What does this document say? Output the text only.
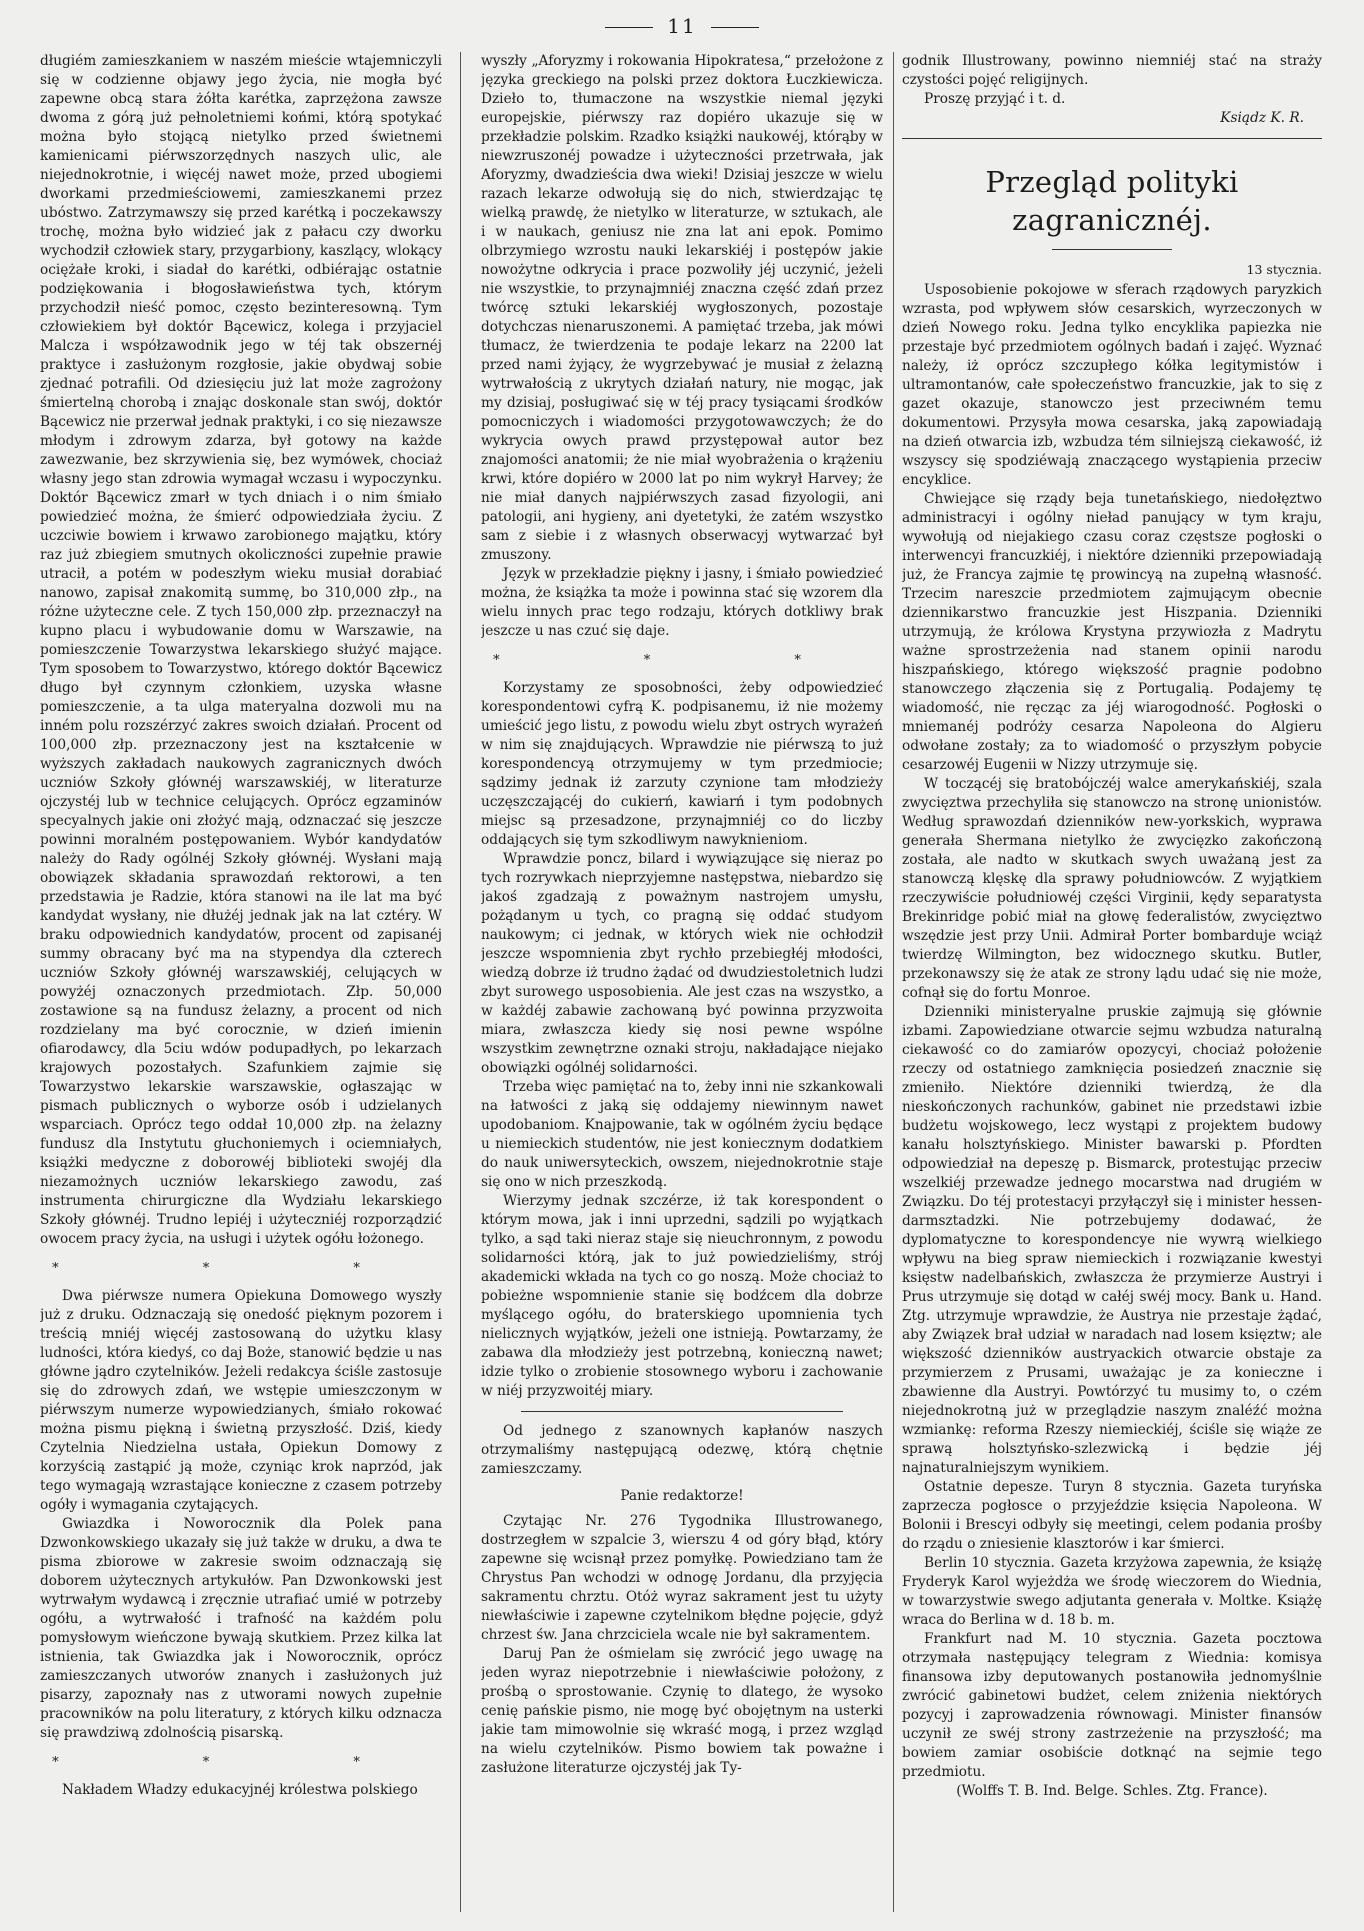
11

długiém zamieszkaniem w naszém mieście wtajemniczyli się w codzienne objawy jego życia, nie mogła być zapewne obcą stara żółta karétka, zaprzężona zawsze dwoma z górą już pełnoletniemi końmi, którą spotykać można było stojącą nietylko przed świetnemi kamienicami piérwszorzędnych naszych ulic, ale niejednokrotnie, i więcéj nawet może, przed ubogiemi dworkami przedmieściowemi, zamieszkanemi przez ubóstwo. Zatrzymawszy się przed karétką i poczekawszy trochę, można było widzieć jak z pałacu czy dworku wychodził człowiek stary, przygarbiony, kaszlący, wlokący ociężałe kroki, i siadał do karétki, odbiérając ostatnie podziękowania i błogosławieństwa tych, którym przychodził nieść pomoc, często bezinteresowną. Tym człowiekiem był doktór Bącewicz, kolega i przyjaciel Malcza i współzawodnik jego w téj tak obszernéj praktyce i zasłużonym rozgłosie, jakie obydwaj sobie zjednać potrafili. Od dziesięciu już lat może zagrożony śmiertelną chorobą i znając doskonale stan swój, doktór Bącewicz nie przerwał jednak praktyki, i co się niezawsze młodym i zdrowym zdarza, był gotowy na każde zawezwanie, bez skrzywienia się, bez wymówek, chociaż własny jego stan zdrowia wymagał wczasu i wypoczynku. Doktór Bącewicz zmarł w tych dniach i o nim śmiało powiedzieć można, że śmierć odpowiedziała życiu. Z uczciwie bowiem i krwawo zarobionego majątku, który raz już zbiegiem smutnych okoliczności zupełnie prawie utracił, a potém w podeszłym wieku musiał dorabiać nanowo, zapisał znakomitą summę, bo 310,000 złp., na różne użyteczne cele. Z tych 150,000 złp. przeznaczył na kupno placu i wybudowanie domu w Warszawie, na pomieszczenie Towarzystwa lekarskiego służyć mające. Tym sposobem to Towarzystwo, którego doktór Bącewicz długo był czynnym członkiem, uzyska własne pomieszczenie, a ta ulga materyalna dozwoli mu na inném polu rozszérzyć zakres swoich działań. Procent od 100,000 złp. przeznaczony jest na kształcenie w wyższych zakładach naukowych zagranicznych dwóch uczniów Szkoły głównéj warszawskiéj, w literaturze ojczystéj lub w technice celujących. Oprócz egzaminów specyalnych jakie oni złożyć mają, odznaczać się jeszcze powinni moralném postępowaniem. Wybór kandydatów należy do Rady ogólnéj Szkoły głównéj. Wysłani mają obowiązek składania sprawozdań rektorowi, a ten przedstawia je Radzie, która stanowi na ile lat ma być kandydat wysłany, nie dłużéj jednak jak na lat cztéry. W braku odpowiednich kandydatów, procent od zapisanéj summy obracany być ma na stypendya dla czterech uczniów Szkoły głównéj warszawskiéj, celujących w powyżéj oznaczonych przedmiotach. Złp. 50,000 zostawione są na fundusz żelazny, a procent od nich rozdzielany ma być corocznie, w dzień imienin ofiarodawcy, dla 5ciu wdów podupadłych, po lekarzach krajowych pozostałych. Szafunkiem zajmie się Towarzystwo lekarskie warszawskie, ogłaszając w pismach publicznych o wyborze osób i udzielanych wsparciach. Oprócz tego oddał 10,000 złp. na żelazny fundusz dla Instytutu głuchoniemych i ociemniałych, książki medyczne z doborowéj biblioteki swojéj dla niezamożnych uczniów lekarskiego zawodu, zaś instrumenta chirurgiczne dla Wydziału lekarskiego Szkoły głównéj. Trudno lepiéj i użyteczniéj rozporządzić owocem pracy życia, na usługi i użytek ogółu łożonego.

* * *

Dwa piérwsze numera Opiekuna Domowego wyszły już z druku. Odznaczają się onedość pięknym pozorem i treścią mniéj więcéj zastosowaną do użytku klasy ludności, która kiedyś, co daj Boże, stanowić będzie u nas główne jądro czytelników. Jeżeli redakcya ściśle zastosuje się do zdrowych zdań, we wstępie umieszczonym w piérwszym numerze wypowiedzianych, śmiało rokować można pismu piękną i świetną przyszłość. Dziś, kiedy Czytelnia Niedzielna ustała, Opiekun Domowy z korzyścią zastąpić ją może, czyniąc krok naprzód, jak tego wymagają wzrastające konieczne z czasem potrzeby ogóły i wymagania czytających.

Gwiazdka i Noworocznik dla Polek pana Dzwonkowskiego ukazały się już także w druku, a dwa te pisma zbiorowe w zakresie swoim odznaczają się doborem użytecznych artykułów. Pan Dzwonkowski jest wytrwałym wydawcą i zręcznie utrafiać umié w potrzeby ogółu, a wytrwałość i trafność na każdém polu pomysłowym wieńczone bywają skutkiem. Przez kilka lat istnienia, tak Gwiazdka jak i Noworocznik, oprócz zamieszczanych utworów znanych i zasłużonych już pisarzy, zapoznały nas z utworami nowych zupełnie pracowników na polu literatury, z których kilku odznacza się prawdziwą zdolnością pisarską.

* * *

Nakładem Władzy edukacyjnéj królestwa polskiego

wyszły „Aforyzmy i rokowania Hipokratesa,“ przełożone z języka greckiego na polski przez doktora Łuczkiewicza. Dzieło to, tłumaczone na wszystkie niemal języki europejskie, piérwszy raz dopiéro ukazuje się w przekładzie polskim. Rzadko książki naukowéj, którąby w niewzruszonéj powadze i użyteczności przetrwała, jak Aforyzmy, dwadzieścia dwa wieki! Dzisiaj jeszcze w wielu razach lekarze odwołują się do nich, stwierdzając tę wielką prawdę, że nietylko w literaturze, w sztukach, ale i w naukach, geniusz nie zna lat ani epok. Pomimo olbrzymiego wzrostu nauki lekarskiéj i postępów jakie nowożytne odkrycia i prace pozwoliły jéj uczynić, jeżeli nie wszystkie, to przynajmniéj znaczna część zdań przez twórcę sztuki lekarskiéj wygłoszonych, pozostaje dotychczas nienaruszonemi. A pamiętać trzeba, jak mówi tłumacz, że twierdzenia te podaje lekarz na 2200 lat przed nami żyjący, że wygrzebywać je musiał z żelazną wytrwałością z ukrytych działań natury, nie mogąc, jak my dzisiaj, posługiwać się w téj pracy tysiącami środków pomocniczych i wiadomości przygotowawczych; że do wykrycia owych prawd przystępował autor bez znajomości anatomii; że nie miał wyobrażenia o krążeniu krwi, które dopiéro w 2000 lat po nim wykrył Harvey; że nie miał danych najpiérwszych zasad fizyologii, ani patologii, ani hygieny, ani dyetetyki, że zatém wszystko sam z siebie i z własnych obserwacyj wytwarzać był zmuszony.

Język w przekładzie piękny i jasny, i śmiało powiedzieć można, że książka ta może i powinna stać się wzorem dla wielu innych prac tego rodzaju, których dotkliwy brak jeszcze u nas czuć się daje.

* * *

Korzystamy ze sposobności, żeby odpowiedzieć korespondentowi cyfrą K. podpisanemu, iż nie możemy umieścić jego listu, z powodu wielu zbyt ostrych wyrażeń w nim się znajdujących. Wprawdzie nie piérwszą to już korespondencyą otrzymujemy w tym przedmiocie; sądzimy jednak iż zarzuty czynione tam młodzieży uczęszczającéj do cukierń, kawiarń i tym podobnych miejsc są przesadzone, przynajmniéj co do liczby oddających się tym szkodliwym nawyknieniom.

Wprawdzie poncz, bilard i wywiązujące się nieraz po tych rozrywkach nieprzyjemne następstwa, niebardzo się jakoś zgadzają z poważnym nastrojem umysłu, pożądanym u tych, co pragną się oddać studyom naukowym; ci jednak, w których wiek nie ochłodził jeszcze wspomnienia zbyt rychło przebiegłéj młodości, wiedzą dobrze iż trudno żądać od dwudziestoletnich ludzi zbyt surowego usposobienia. Ale jest czas na wszystko, a w każdéj zabawie zachowaną być powinna przyzwoita miara, zwłaszcza kiedy się nosi pewne wspólne wszystkim zewnętrzne oznaki stroju, nakładające niejako obowiązki ogólnéj solidarności.

Trzeba więc pamiętać na to, żeby inni nie szkankowali na łatwości z jaką się oddajemy niewinnym nawet upodobaniom. Knajpowanie, tak w ogólném życiu będące u niemieckich studentów, nie jest koniecznym dodatkiem do nauk uniwersyteckich, owszem, niejednokrotnie staje się ono w nich przeszkodą.

Wierzymy jednak szczérze, iż tak korespondent o którym mowa, jak i inni uprzedni, sądzili po wyjątkach tylko, a sąd taki nieraz staje się nieuchronnym, z powodu solidarności którą, jak to już powiedzieliśmy, strój akademicki wkłada na tych co go noszą. Może chociaż to pobieżne wspomnienie stanie się bodźcem dla dobrze myślącego ogółu, do braterskiego upomnienia tych nielicznych wyjątków, jeżeli one istnieją. Powtarzamy, że zabawa dla młodzieży jest potrzebną, konieczną nawet; idzie tylko o zrobienie stosownego wyboru i zachowanie w niéj przyzwoitéj miary.

Od jednego z szanownych kapłanów naszych otrzymaliśmy następującą odezwę, którą chętnie zamieszczamy.

Panie redaktorze!

Czytając Nr. 276 Tygodnika Illustrowanego, dostrzegłem w szpalcie 3, wierszu 4 od góry błąd, który zapewne się wcisnął przez pomyłkę. Powiedziano tam że Chrystus Pan wchodzi w odnogę Jordanu, dla przyjęcia sakramentu chrztu. Otóż wyraz sakrament jest tu użyty niewłaściwie i zapewne czytelnikom błędne pojęcie, gdyż chrzest św. Jana chrzciciela wcale nie był sakramentem.

Daruj Pan że ośmielam się zwrócić jego uwagę na jeden wyraz niepotrzebnie i niewłaściwie położony, z prośbą o sprostowanie. Czynię to dlatego, że wysoko cenię pańskie pismo, nie mogę być obojętnym na usterki jakie tam mimowolnie się wkraść mogą, i przez wzgląd na wielu czytelników. Pismo bowiem tak poważne i zasłużone literaturze ojczystéj jak Ty-

godnik Illustrowany, powinno niemniéj stać na straży czystości pojęć religijnych.

Proszę przyjąć i t. d.

Ksiądz K. R.
Przegląd polityki zagranicznéj.
13 stycznia.

Usposobienie pokojowe w sferach rządowych paryzkich wzrasta, pod wpływem słów cesarskich, wyrzeczonych w dzień Nowego roku. Jedna tylko encyklika papiezka nie przestaje być przedmiotem ogólnych badań i zajęć. Wyznać należy, iż oprócz szczupłego kółka legitymistów i ultramontanów, całe społeczeństwo francuzkie, jak to się z gazet okazuje, stanowczo jest przeciwném temu dokumentowi. Przysyła mowa cesarska, jaką zapowiadają na dzień otwarcia izb, wzbudza tém silniejszą ciekawość, iż wszyscy się spodziéwają znaczącego wystąpienia przeciw encyklice.

Chwiejące się rządy beja tunetańskiego, niedołęztwo administracyi i ogólny nieład panujący w tym kraju, wywołują od niejakiego czasu coraz częstsze pogłoski o interwencyi francuzkiéj, i niektóre dzienniki przepowiadają już, że Francya zajmie tę prowincyą na zupełną własność. Trzecim nareszcie przedmiotem zajmującym obecnie dziennikarstwo francuzkie jest Hiszpania. Dzienniki utrzymują, że królowa Krystyna przywiozła z Madrytu ważne sprostrzeżenia nad stanem opinii narodu hiszpańskiego, którego większość pragnie podobno stanowczego złączenia się z Portugalią. Podajemy tę wiadomość, nie ręcząc za jéj wiarogodność. Pogłoski o mniemanéj podróży cesarza Napoleona do Algieru odwołane zostały; za to wiadomość o przyszłym pobycie cesarzowéj Eugenii w Nizzy utrzymuje się.

W toczącéj się bratobójczéj walce amerykańskiéj, szala zwycięztwa przechyliła się stanowczo na stronę unionistów. Według sprawozdań dzienników new-yorkskich, wyprawa generała Shermana nietylko że zwycięzko zakończoną została, ale nadto w skutkach swych uważaną jest za stanowczą klęskę dla sprawy południowców. Z wyjątkiem rzeczywiście południowéj części Virginii, kędy separatysta Brekinridge pobić miał na głowę federalistów, zwycięztwo wszędzie jest przy Unii. Admirał Porter bombarduje wciąż twierdzę Wilmington, bez widocznego skutku. Butler, przekonawszy się że atak ze strony lądu udać się nie może, cofnął się do fortu Monroe.

Dzienniki ministeryalne pruskie zajmują się głównie izbami. Zapowiedziane otwarcie sejmu wzbudza naturalną ciekawość co do zamiarów opozycyi, chociaż położenie rzeczy od ostatniego zamknięcia posiedzeń znacznie się zmieniło. Niektóre dzienniki twierdzą, że dla nieskończonych rachunków, gabinet nie przedstawi izbie budżetu wojskowego, lecz wystąpi z projektem budowy kanału holsztyńskiego. Minister bawarski p. Pfordten odpowiedział na depeszę p. Bismarck, protestując przeciw wszelkiéj przewadze jednego mocarstwa nad drugiém w Związku. Do téj protestacyi przyłączył się i minister hessen-darmsztadzki. Nie potrzebujemy dodawać, że dyplomatyczne to korespondencye nie wywrą wielkiego wpływu na bieg spraw niemieckich i rozwiązanie kwestyi księstw nadelbańskich, zwłaszcza że przymierze Austryi i Prus utrzymuje się dotąd w całéj swéj mocy. Bank u. Hand. Ztg. utrzymuje wprawdzie, że Austrya nie przestaje żądać, aby Związek brał udział w naradach nad losem księztw; ale większość dzienników austryackich otwarcie obstaje za przymierzem z Prusami, uważając je za konieczne i zbawienne dla Austryi. Powtórzyć tu musimy to, o czém niejednokrotną już w przeglądzie naszym znaléźć można wzmiankę: reforma Rzeszy niemieckiéj, ściśle się wiąże ze sprawą holsztyńsko-szlezwicką i będzie jéj najnaturalniejszym wynikiem.

Ostatnie depesze. Turyn 8 stycznia. Gazeta turyńska zaprzecza pogłosce o przyjeździe księcia Napoleona. W Bolonii i Brescyi odbyły się meetingi, celem podania prośby do rządu o zniesienie klasztorów i kar śmierci.

Berlin 10 stycznia. Gazeta krzyżowa zapewnia, że książę Fryderyk Karol wyjeżdża we środę wieczorem do Wiednia, w towarzystwie swego adjutanta generała v. Moltke. Książę wraca do Berlina w d. 18 b. m.

Frankfurt nad M. 10 stycznia. Gazeta pocztowa otrzymała następujący telegram z Wiednia: komisya finansowa izby deputowanych postanowiła jednomyślnie zwrócić gabinetowi budżet, celem zniżenia niektórych pozycyj i zaprowadzenia równowagi. Minister finansów uczynił ze swéj strony zastrzeżenie na przyszłość; ma bowiem zamiar osobiście dotknąć na sejmie tego przedmiotu.

(Wolffs T. B. Ind. Belge. Schles. Ztg. France).
